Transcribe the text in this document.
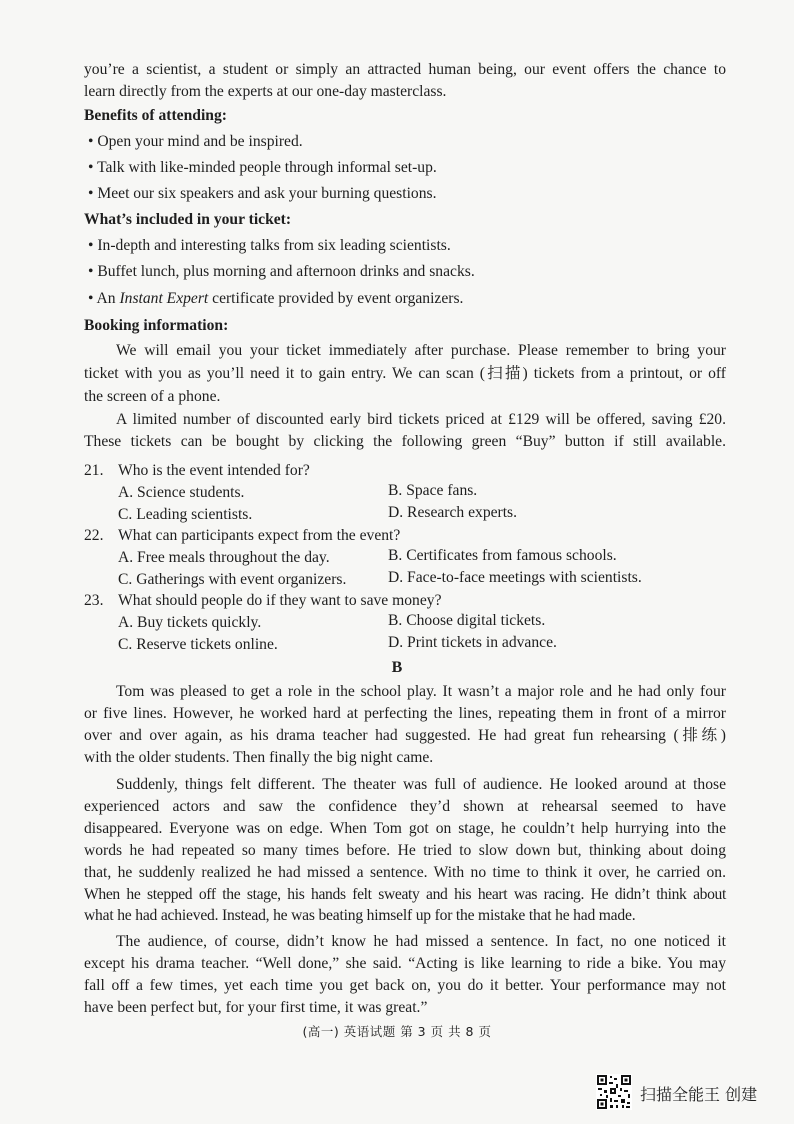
you’re a scientist, a student or simply an attracted human being, our event offers the chance to
learn directly from the experts at our one-day masterclass.
Benefits of attending:
• Open your mind and be inspired.
• Talk with like-minded people through informal set-up.
• Meet our six speakers and ask your burning questions.
What’s included in your ticket:
• In-depth and interesting talks from six leading scientists.
• Buffet lunch, plus morning and afternoon drinks and snacks.
• An Instant Expert certificate provided by event organizers.
Booking information:
We will email you your ticket immediately after purchase. Please remember to bring your
ticket with you as you’ll need it to gain entry. We can scan (扫描) tickets from a printout, or off
the screen of a phone.
A limited number of discounted early bird tickets priced at £129 will be offered, saving £20.
These tickets can be bought by clicking the following green “Buy” button if still available.
21. Who is the event intended for?
A. Science students.	B. Space fans.
C. Leading scientists.	D. Research experts.
22. What can participants expect from the event?
A. Free meals throughout the day.	B. Certificates from famous schools.
C. Gatherings with event organizers.	D. Face-to-face meetings with scientists.
23. What should people do if they want to save money?
A. Buy tickets quickly.	B. Choose digital tickets.
C. Reserve tickets online.	D. Print tickets in advance.
B
Tom was pleased to get a role in the school play. It wasn’t a major role and he had only four
or five lines. However, he worked hard at perfecting the lines, repeating them in front of a mirror
over and over again, as his drama teacher had suggested. He had great fun rehearsing (排练)
with the older students. Then finally the big night came.
Suddenly, things felt different. The theater was full of audience. He looked around at those
experienced actors and saw the confidence they’d shown at rehearsal seemed to have
disappeared. Everyone was on edge. When Tom got on stage, he couldn’t help hurrying into the
words he had repeated so many times before. He tried to slow down but, thinking about doing
that, he suddenly realized he had missed a sentence. With no time to think it over, he carried on.
When he stepped off the stage, his hands felt sweaty and his heart was racing. He didn’t think about
what he had achieved. Instead, he was beating himself up for the mistake that he had made.
The audience, of course, didn’t know he had missed a sentence. In fact, no one noticed it
except his drama teacher. “Well done,” she said. “Acting is like learning to ride a bike. You may
fall off a few times, yet each time you get back on, you do it better. Your performance may not
have been perfect but, for your first time, it was great.”
(高一) 英语试题 第 3 页 共 8 页
扫描全能王 创建
